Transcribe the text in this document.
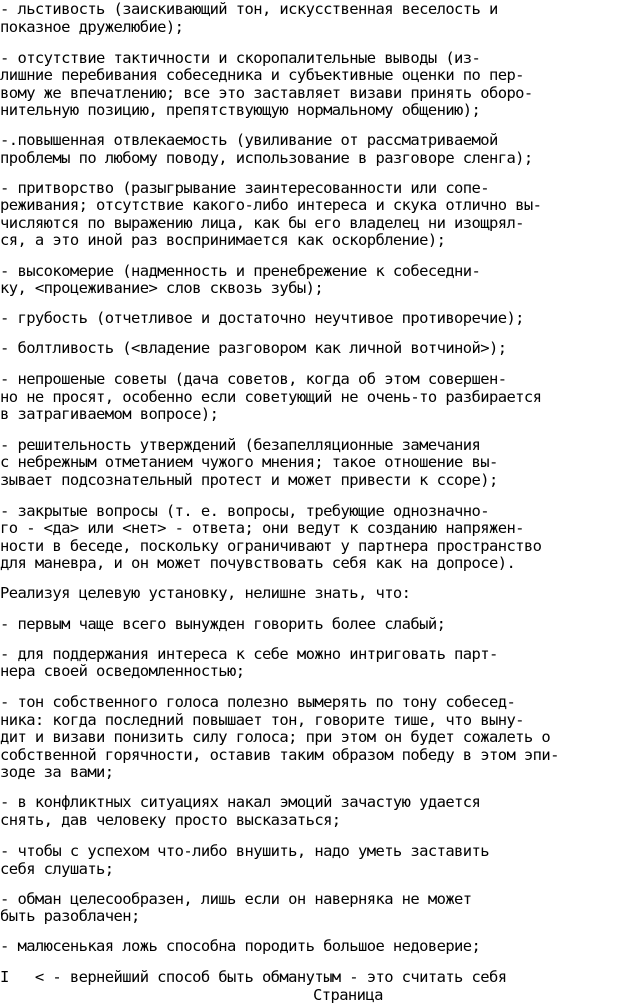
- льстивость (заискивающий тон, искусственная веселость и
показное дружелюбие);
- отсутствие тактичности и скоропалительные выводы (из-
лишние перебивания собеседника и субъективные оценки по пер-
вому же впечатлению; все это заставляет визави принять оборо-
нительную позицию, препятствующую нормальному общению);
-.повышенная отвлекаемость (увиливание от рассматриваемой
проблемы по любому поводу, использование в разговоре сленга);
- притворство (разыгрывание заинтересованности или сопе-
реживания; отсутствие какого-либо интереса и скука отлично вы-
числяются по выражению лица, как бы его владелец ни изощрял-
ся, а это иной раз воспринимается как оскорбление);
- высокомерие (надменность и пренебрежение к собеседни-
ку, <процеживание> слов сквозь зубы);
- грубость (отчетливое и достаточно неучтивое противоречие);
- болтливость (<владение разговором как личной вотчиной>);
- непрошеные советы (дача советов, когда об этом совершен-
но не просят, особенно если советующий не очень-то разбирается
в затрагиваемом вопросе);
- решительность утверждений (безапелляционные замечания
с небрежным отметанием чужого мнения; такое отношение вы-
зывает подсознательный протест и может привести к ссоре);
- закрытые вопросы (т. е. вопросы, требующие однозначно-
го - <да> или <нет> - ответа; они ведут к созданию напряжен-
ности в беседе, поскольку ограничивают у партнера пространство
для маневра, и он может почувствовать себя как на допросе).
Реализуя целевую установку, нелишне знать, что:
- первым чаще всего вынужден говорить более слабый;
- для поддержания интереса к себе можно интриговать парт-
нера своей осведомленностью;
- тон собственного голоса полезно вымерять по тону собесед-
ника: когда последний повышает тон, говорите тише, что выну-
дит и визави понизить силу голоса; при этом он будет сожалеть о
собственной горячности, оставив таким образом победу в этом эпи-
зоде за вами;
- в конфликтных ситуациях накал эмоций зачастую удается
снять, дав человеку просто высказаться;
- чтобы с успехом что-либо внушить, надо уметь заставить
себя слушать;
- обман целесообразен, лишь если он наверняка не может
быть разоблачен;
- малюсенькая ложь способна породить большое недоверие;
I   < - вернейший способ быть обманутым - это считать себя
Страница
